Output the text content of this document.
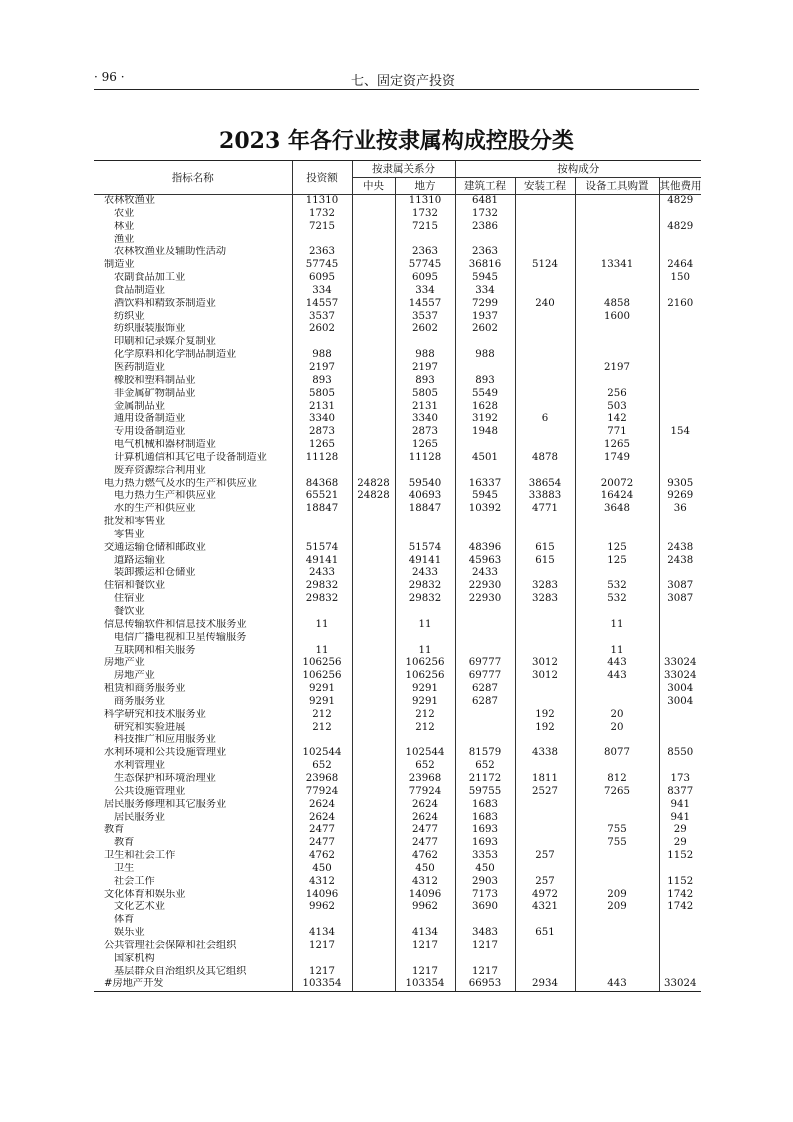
· 96 ·	七、固定资产投资
2023 年各行业按隶属构成控股分类
指标名称	投资额	按隶属关系分		按构成分			
		中央	地方	建筑工程	安装工程	设备工具购置	其他费用
农林牧渔业	11310		11310	6481			4829
农业	1732		1732	1732			
林业	7215		7215	2386			4829
渔业							
农林牧渔业及辅助性活动	2363		2363	2363			
制造业	57745		57745	36816	5124	13341	2464
农副食品加工业	6095		6095	5945			150
食品制造业	334		334	334			
酒饮料和精致茶制造业	14557		14557	7299	240	4858	2160
纺织业	3537		3537	1937		1600	
纺织服装服饰业	2602		2602	2602			
印刷和记录媒介复制业							
化学原料和化学制品制造业	988		988	988			
医药制造业	2197		2197			2197	
橡胶和塑料制品业	893		893	893			
非金属矿物制品业	5805		5805	5549		256	
金属制品业	2131		2131	1628		503	
通用设备制造业	3340		3340	3192	6	142	
专用设备制造业	2873		2873	1948		771	154
电气机械和器材制造业	1265		1265			1265	
计算机通信和其它电子设备制造业	11128		11128	4501	4878	1749	
废弃资源综合利用业							
电力热力燃气及水的生产和供应业	84368	24828	59540	16337	38654	20072	9305
电力热力生产和供应业	65521	24828	40693	5945	33883	16424	9269
水的生产和供应业	18847		18847	10392	4771	3648	36
批发和零售业							
零售业							
交通运输仓储和邮政业	51574		51574	48396	615	125	2438
道路运输业	49141		49141	45963	615	125	2438
装卸搬运和仓储业	2433		2433	2433			
住宿和餐饮业	29832		29832	22930	3283	532	3087
住宿业	29832		29832	22930	3283	532	3087
餐饮业							
信息传输软件和信息技术服务业	11		11			11	
电信广播电视和卫星传输服务							
互联网和相关服务	11		11			11	
房地产业	106256		106256	69777	3012	443	33024
房地产业	106256		106256	69777	3012	443	33024
租赁和商务服务业	9291		9291	6287			3004
商务服务业	9291		9291	6287			3004
科学研究和技术服务业	212		212		192	20	
研究和实验进展	212		212		192	20	
科技推广和应用服务业							
水利环境和公共设施管理业	102544		102544	81579	4338	8077	8550
水利管理业	652		652	652			
生态保护和环境治理业	23968		23968	21172	1811	812	173
公共设施管理业	77924		77924	59755	2527	7265	8377
居民服务修理和其它服务业	2624		2624	1683			941
居民服务业	2624		2624	1683			941
教育	2477		2477	1693		755	29
教育	2477		2477	1693		755	29
卫生和社会工作	4762		4762	3353	257		1152
卫生	450		450	450			
社会工作	4312		4312	2903	257		1152
文化体育和娱乐业	14096		14096	7173	4972	209	1742
文化艺术业	9962		9962	3690	4321	209	1742
体育							
娱乐业	4134		4134	3483	651		
公共管理社会保障和社会组织	1217		1217	1217			
国家机构							
基层群众自治组织及其它组织	1217		1217	1217			
#房地产开发	103354		103354	66953	2934	443	33024
